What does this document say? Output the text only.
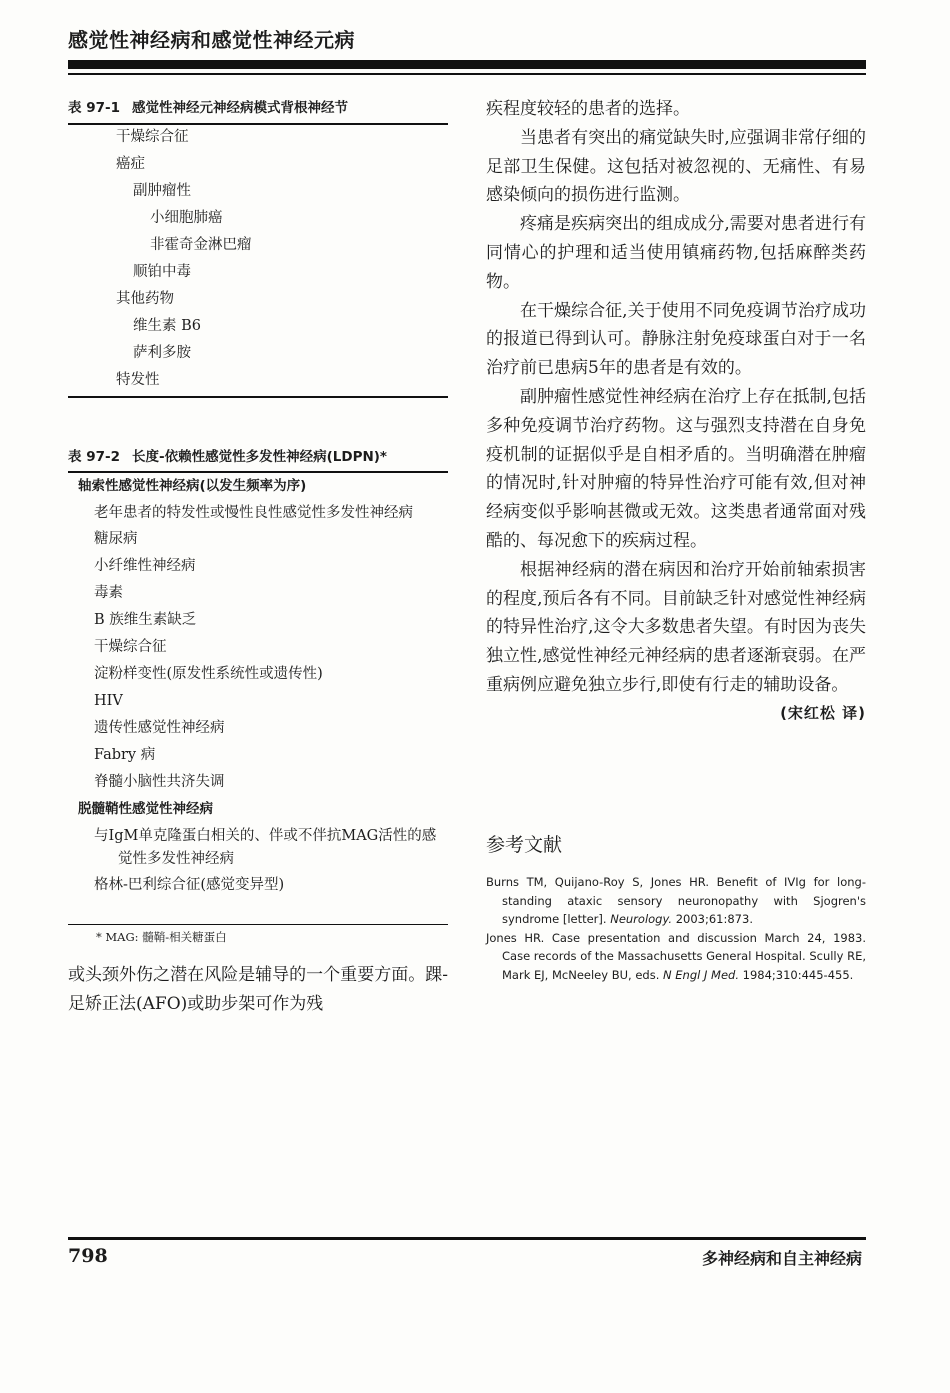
感觉性神经病和感觉性神经元病
表 97-1 感觉性神经元神经病模式背根神经节
干燥综合征
癌症
副肿瘤性
小细胞肺癌
非霍奇金淋巴瘤
顺铂中毒
其他药物
维生素 B6
萨利多胺
特发性
表 97-2 长度-依赖性感觉性多发性神经病(LDPN)*
轴索性感觉性神经病(以发生频率为序)
老年患者的特发性或慢性良性感觉性多发性神经病
糖尿病
小纤维性神经病
毒素
B 族维生素缺乏
干燥综合征
淀粉样变性(原发性系统性或遗传性)
HIV
遗传性感觉性神经病
Fabry 病
脊髓小脑性共济失调
脱髓鞘性感觉性神经病
与IgM单克隆蛋白相关的、伴或不伴抗MAG活性的感觉性多发性神经病
格林-巴利综合征(感觉变异型)
* MAG: 髓鞘-相关糖蛋白
或头颈外伤之潜在风险是辅导的一个重要方面。踝-足矫正法(AFO)或助步架可作为残
疾程度较轻的患者的选择。
当患者有突出的痛觉缺失时,应强调非常仔细的足部卫生保健。这包括对被忽视的、无痛性、有易感染倾向的损伤进行监测。
疼痛是疾病突出的组成成分,需要对患者进行有同情心的护理和适当使用镇痛药物,包括麻醉类药物。
在干燥综合征,关于使用不同免疫调节治疗成功的报道已得到认可。静脉注射免疫球蛋白对于一名治疗前已患病5年的患者是有效的。
副肿瘤性感觉性神经病在治疗上存在抵制,包括多种免疫调节治疗药物。这与强烈支持潜在自身免疫机制的证据似乎是自相矛盾的。当明确潜在肿瘤的情况时,针对肿瘤的特异性治疗可能有效,但对神经病变似乎影响甚微或无效。这类患者通常面对残酷的、每况愈下的疾病过程。
根据神经病的潜在病因和治疗开始前轴索损害的程度,预后各有不同。目前缺乏针对感觉性神经病的特异性治疗,这令大多数患者失望。有时因为丧失独立性,感觉性神经元神经病的患者逐渐衰弱。在严重病例应避免独立步行,即使有行走的辅助设备。
(宋红松 译)
参考文献
Burns TM, Quijano-Roy S, Jones HR. Benefit of IVIg for long-standing ataxic sensory neuronopathy with Sjogren's syndrome [letter]. Neurology. 2003;61:873.
Jones HR. Case presentation and discussion March 24, 1983. Case records of the Massachusetts General Hospital. Scully RE, Mark EJ, McNeeley BU, eds. N Engl J Med. 1984;310:445-455.
798	多神经病和自主神经病
